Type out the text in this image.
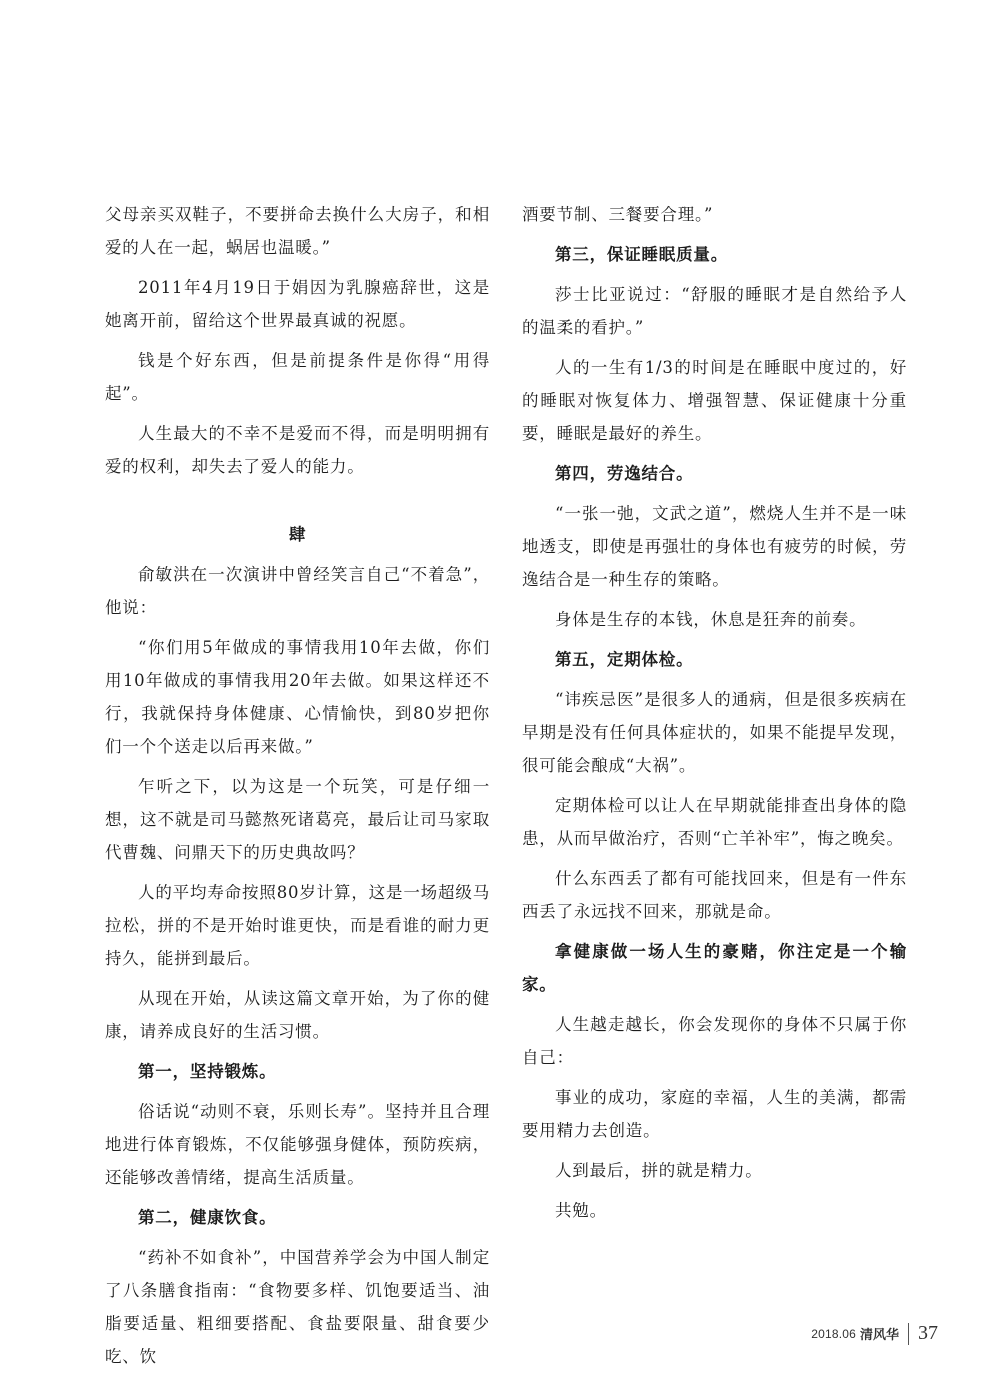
父母亲买双鞋子，不要拼命去换什么大房子，和相爱的人在一起，蜗居也温暖。”

2011年4月19日于娟因为乳腺癌辞世，这是她离开前，留给这个世界最真诚的祝愿。

钱是个好东西，但是前提条件是你得“用得起”。

人生最大的不幸不是爱而不得，而是明明拥有爱的权利，却失去了爱人的能力。

肆

俞敏洪在一次演讲中曾经笑言自己“不着急”，他说：

“你们用5年做成的事情我用10年去做，你们用10年做成的事情我用20年去做。如果这样还不行，我就保持身体健康、心情愉快，到80岁把你们一个个送走以后再来做。”

乍听之下，以为这是一个玩笑，可是仔细一想，这不就是司马懿熬死诸葛亮，最后让司马家取代曹魏、问鼎天下的历史典故吗？

人的平均寿命按照80岁计算，这是一场超级马拉松，拼的不是开始时谁更快，而是看谁的耐力更持久，能拼到最后。

从现在开始，从读这篇文章开始，为了你的健康，请养成良好的生活习惯。

第一，坚持锻炼。

俗话说“动则不衰，乐则长寿”。坚持并且合理地进行体育锻炼，不仅能够强身健体，预防疾病，还能够改善情绪，提高生活质量。

第二，健康饮食。

“药补不如食补”，中国营养学会为中国人制定了八条膳食指南：“食物要多样、饥饱要适当、油脂要适量、粗细要搭配、食盐要限量、甜食要少吃、饮

酒要节制、三餐要合理。”

第三，保证睡眠质量。

莎士比亚说过：“舒服的睡眠才是自然给予人的温柔的看护。”

人的一生有1/3的时间是在睡眠中度过的，好的睡眠对恢复体力、增强智慧、保证健康十分重要，睡眠是最好的养生。

第四，劳逸结合。

“一张一弛，文武之道”，燃烧人生并不是一味地透支，即使是再强壮的身体也有疲劳的时候，劳逸结合是一种生存的策略。

身体是生存的本钱，休息是狂奔的前奏。

第五，定期体检。

“讳疾忌医”是很多人的通病，但是很多疾病在早期是没有任何具体症状的，如果不能提早发现，很可能会酿成“大祸”。

定期体检可以让人在早期就能排查出身体的隐患，从而早做治疗，否则“亡羊补牢”，悔之晚矣。

什么东西丢了都有可能找回来，但是有一件东西丢了永远找不回来，那就是命。

拿健康做一场人生的豪赌，你注定是一个输家。

人生越走越长，你会发现你的身体不只属于你自己：

事业的成功，家庭的幸福，人生的美满，都需要用精力去创造。

人到最后，拼的就是精力。

共勉。

2018.06 清风华 37
